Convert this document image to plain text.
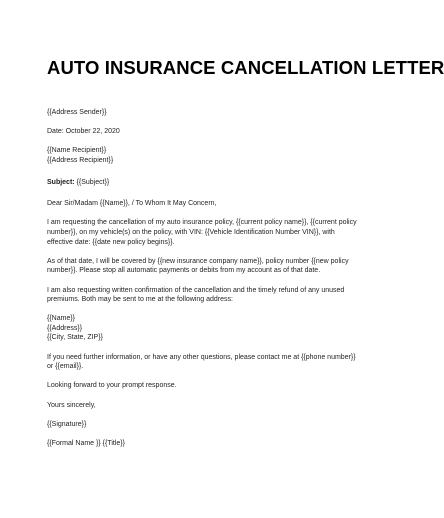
AUTO INSURANCE CANCELLATION LETTER

{{Address Sender}}

Date: October 22, 2020

{{Name Recipient}}

{{Address Recipient}}

Subject: {{Subject}}

Dear Sir/Madam {{Name}}, / To Whom It May Concern,

I am requesting the cancellation of my auto insurance policy, {{current policy name}}, {{current policy number}}, on my vehicle(s) on the policy, with VIN: {{Vehicle Identification Number VIN}}, with effective date: {{date new policy begins}}.

As of that date, I will be covered by {{new insurance company name}}, policy number {{new policy number}}. Please stop all automatic payments or debits from my account as of that date.

I am also requesting written confirmation of the cancellation and the timely refund of any unused premiums. Both may be sent to me at the following address:

{{Name}}

{{Address}}

{{City, State, ZIP}}

If you need further information, or have any other questions, please contact me at {{phone number}} or {{email}}.

Looking forward to your prompt response.

Yours sincerely,

{{Signature}}

{{Formal Name }} {{Title}}
